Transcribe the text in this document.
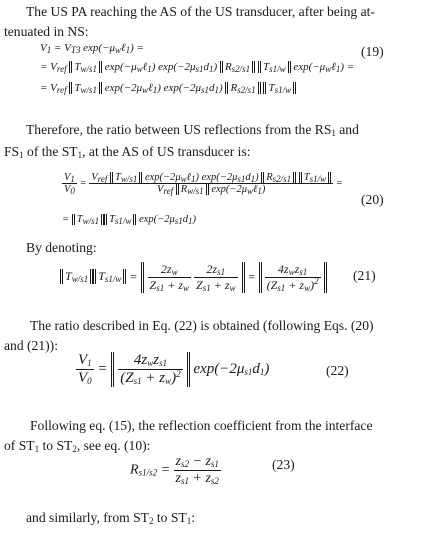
The US PA reaching the AS of the US transducer, after being at-
tenuated in NS:
$V_1 = V_{T3}$ $\exp(-\mu_w\ell_1)$ =
= $V_{ref}$ $T_{w/s1}$ $\exp(-\mu_w\ell_1)$ $\exp(-2\mu_{s1}d_1)$ $R_{s2/s1}$ $T_{s1/w}$ $\exp(-\mu_w\ell_1)$ =
= $V_{ref}$ $T_{w/s1}$ $\exp(-2\mu_w\ell_1)$ $\exp(-2\mu_{s1}d_1)$ $R_{s2/s1}$ $T_{s1/w}$
(19)
Therefore, the ratio between US reflections from the $RS_1$ and
$FS_1$ of the $ST_1$, at the AS of US transducer is:
$\frac{V_1}{V_0} = \frac{V_{ref} T_{w/s1} \exp(-2\mu_w\ell_1) \exp(-2\mu_{s1}d_1) R_{s2/s1} T_{s1/w}}{V_{ref} R_{w/s1} \exp(-2\mu_w\ell_1)}$ =
= $T_{w/s1}$ $T_{s1/w}$ $\exp(-2\mu_{s1}d_1)$
(20)
By denoting:
$T_{w/s1}$ $T_{s1/w} = \frac{2z_w}{Z_{s1} + z_w}$
$\frac{2z_{s1}}{Z_{s1} + z_w} = \frac{4z_wz_{s1}}{(Z_{s1} + z_w)^2} (21)$
The ratio described in Eq. (22) is obtained (following Eqs. (20)
and (21)):
$\frac{V_1}{V_0} = \frac{4z_wz_{s1}}{(Z_{s1} + z_w)^2} \exp(-2\mu_{s1}d_1)$	(22)
Following eq. (15), the reflection coefficient from the interface
of $ST_1$ to $ST_2$, see eq. (10):
$R_{s1/s2} = \frac{z_{s2} - z_{s1}}{z_{s1} + z_{s2}}$	(23)
and similarly, from $ST_2$ to $ST_1$:
